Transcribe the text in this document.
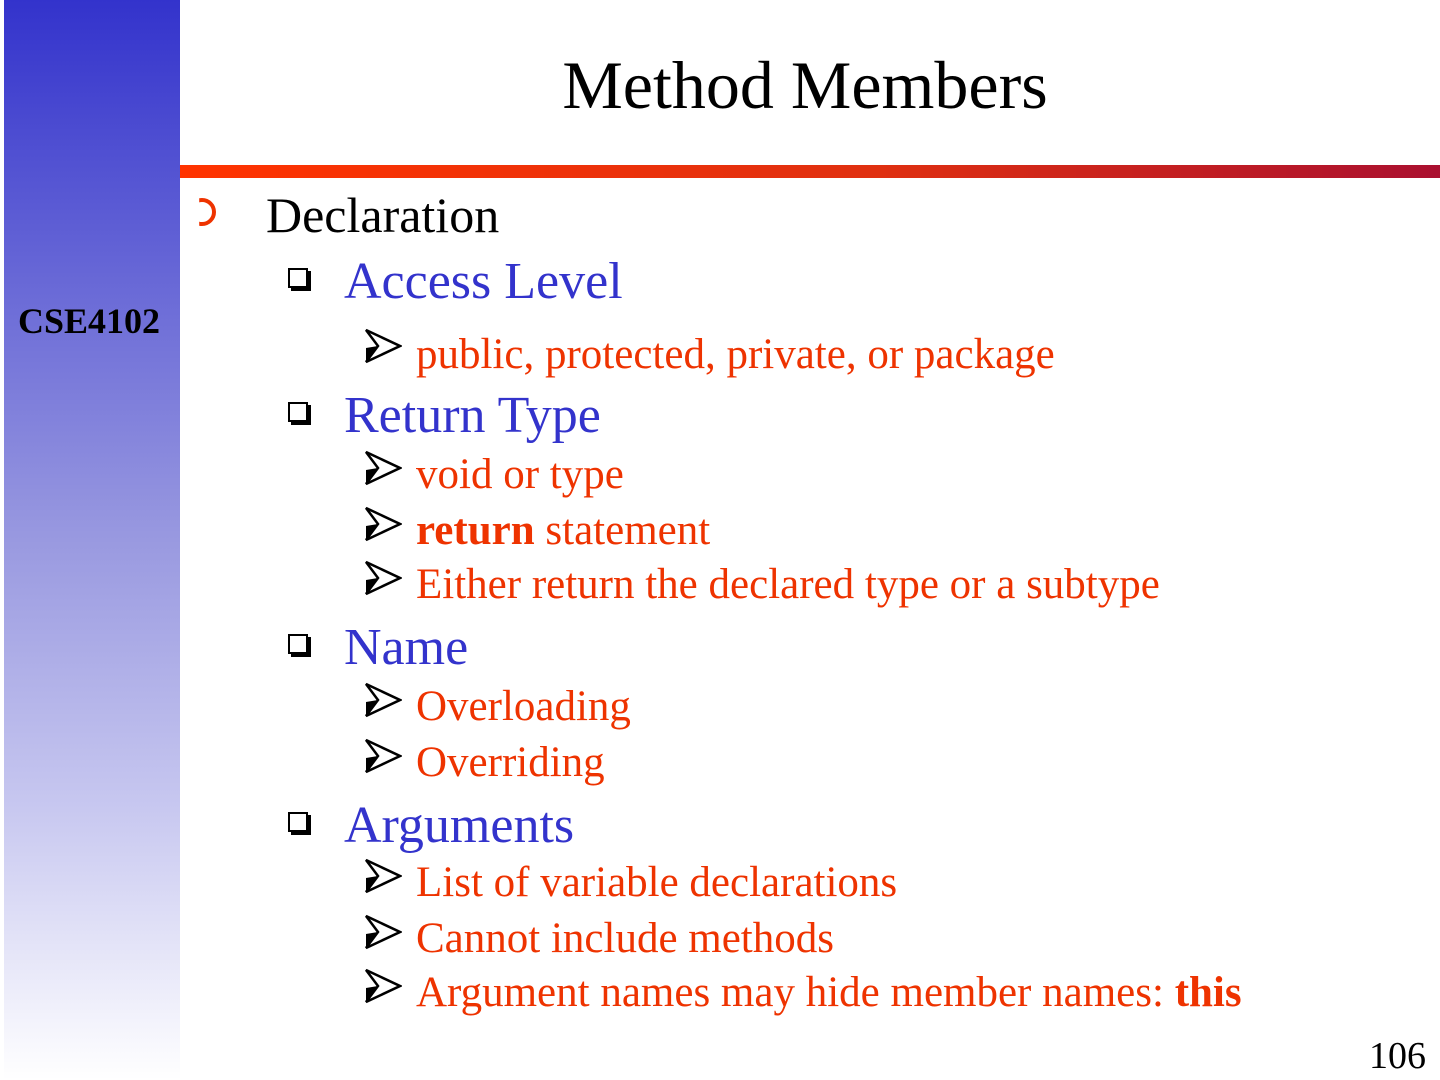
CSE4102
Method Members
Declaration
Access Level
public, protected, private, or package
Return Type
void or type
return statement
Either return the declared type or a subtype
Name
Overloading
Overriding
Arguments
List of variable declarations
Cannot include methods
Argument names may hide member names: this
106
